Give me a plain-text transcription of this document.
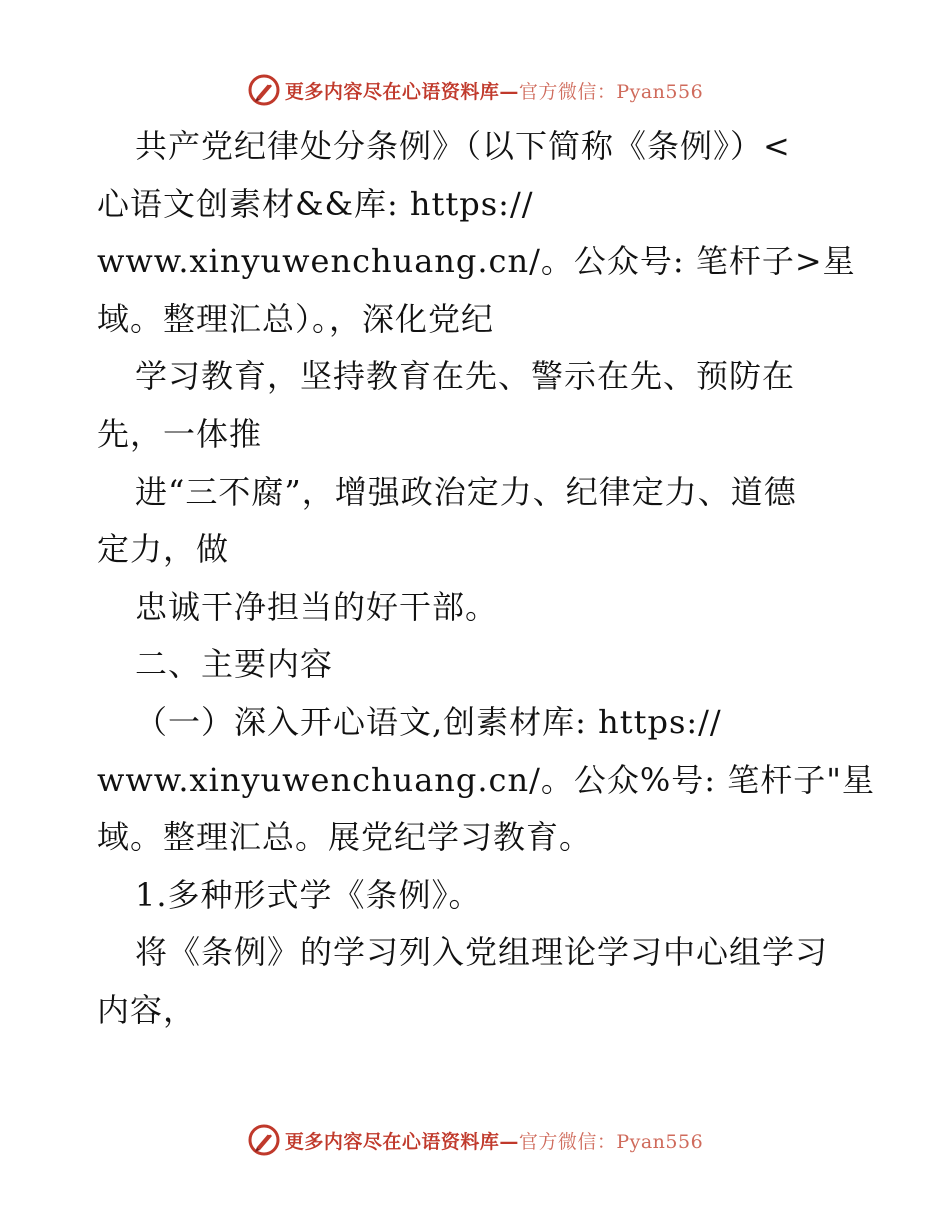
更多内容尽在心语资料库—官方微信：Pyan556
共产党纪律处分条例》（以下简称《条例》）<
心语文创素材&&库: https://
www.xinyuwenchuang.cn/。公众号: 笔杆子>星
域。整理汇总）。，深化党纪
学习教育，坚持教育在先、警示在先、预防在
先，一体推
进“三不腐”，增强政治定力、纪律定力、道德
定力，做
忠诚干净担当的好干部。
二、主要内容
（一）深入开心语文,创素材库: https://
www.xinyuwenchuang.cn/。公众%号: 笔杆子"星
域。整理汇总。展党纪学习教育。
1.多种形式学《条例》。
将《条例》的学习列入党组理论学习中心组学习
内容，
更多内容尽在心语资料库—官方微信：Pyan556
